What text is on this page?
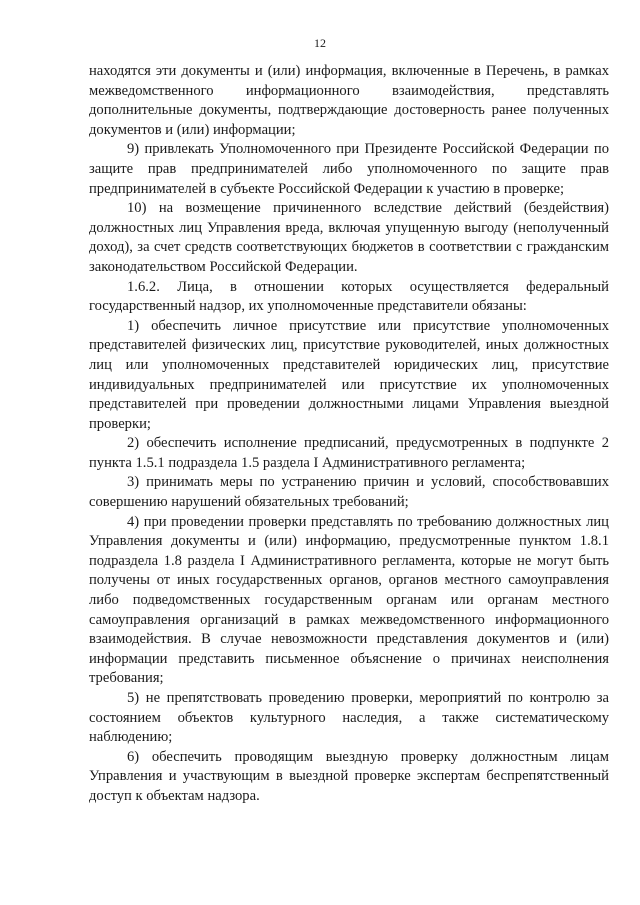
12

находятся эти документы и (или) информация, включенные в Перечень, в рамках межведомственного информационного взаимодействия, представлять дополнительные документы, подтверждающие достоверность ранее полученных документов и (или) информации;

9) привлекать Уполномоченного при Президенте Российской Федерации по защите прав предпринимателей либо уполномоченного по защите прав предпринимателей в субъекте Российской Федерации к участию в проверке;

10) на возмещение причиненного вследствие действий (бездействия) должностных лиц Управления вреда, включая упущенную выгоду (неполученный доход), за счет средств соответствующих бюджетов в соответствии с гражданским законодательством Российской Федерации.

1.6.2. Лица, в отношении которых осуществляется федеральный государственный надзор, их уполномоченные представители обязаны:

1) обеспечить личное присутствие или присутствие уполномоченных представителей физических лиц, присутствие руководителей, иных должностных лиц или уполномоченных представителей юридических лиц, присутствие индивидуальных предпринимателей или присутствие их уполномоченных представителей при проведении должностными лицами Управления выездной проверки;

2) обеспечить исполнение предписаний, предусмотренных в подпункте 2 пункта 1.5.1 подраздела 1.5 раздела I Административного регламента;

3) принимать меры по устранению причин и условий, способствовавших совершению нарушений обязательных требований;

4) при проведении проверки представлять по требованию должностных лиц Управления документы и (или) информацию, предусмотренные пунктом 1.8.1 подраздела 1.8 раздела I Административного регламента, которые не могут быть получены от иных государственных органов, органов местного самоуправления либо подведомственных государственным органам или органам местного самоуправления организаций в рамках межведомственного информационного взаимодействия. В случае невозможности представления документов и (или) информации представить письменное объяснение о причинах неисполнения требования;

5) не препятствовать проведению проверки, мероприятий по контролю за состоянием объектов культурного наследия, а также систематическому наблюдению;

6) обеспечить проводящим выездную проверку должностным лицам Управления и участвующим в выездной проверке экспертам беспрепятственный доступ к объектам надзора.
